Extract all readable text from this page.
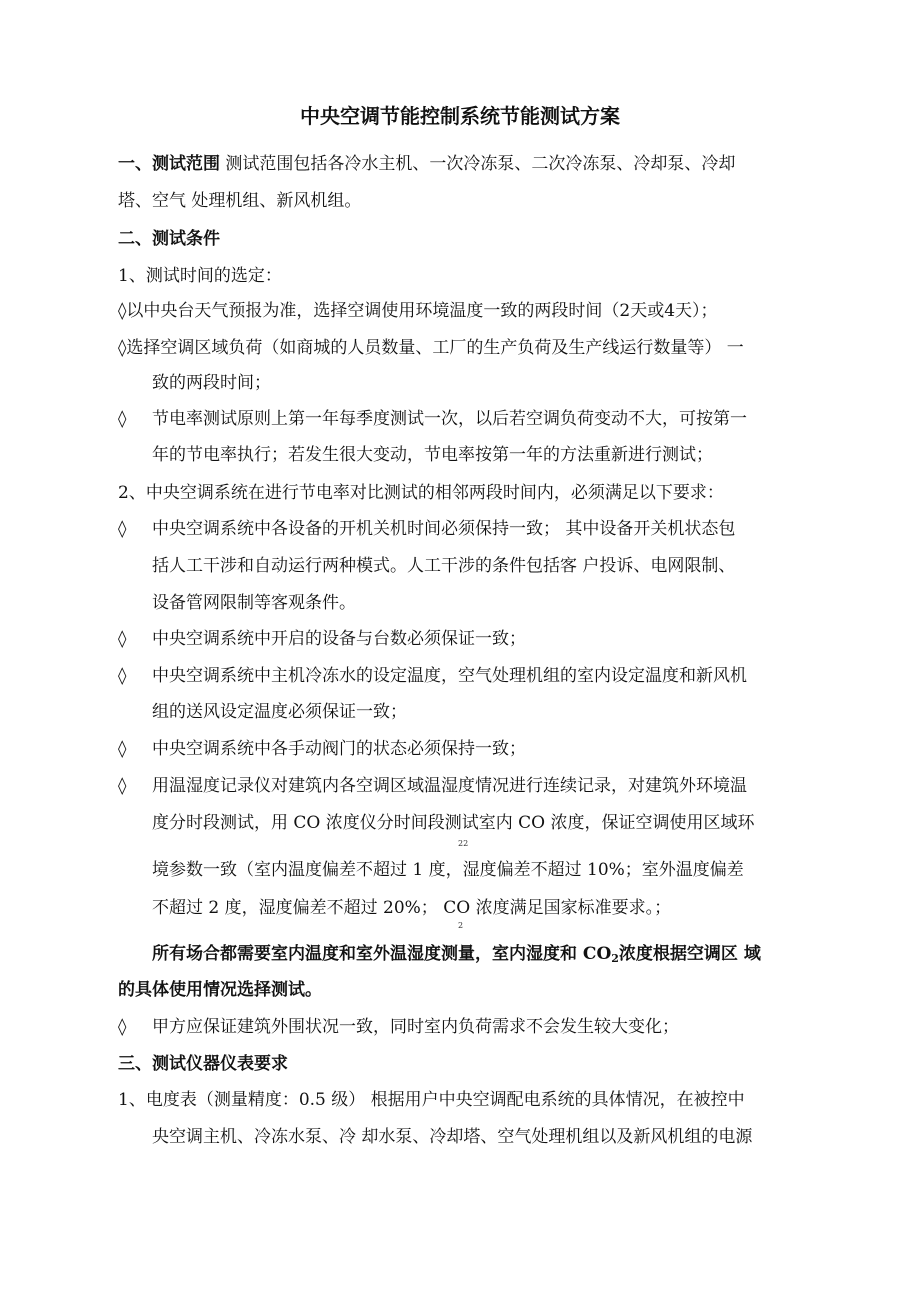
中央空调节能控制系统节能测试方案
一、测试范围 测试范围包括各冷水主机、一次冷冻泵、二次冷冻泵、冷却泵、冷却
塔、空气 处理机组、新风机组。
二、测试条件
1、测试时间的选定：
◊以中央台天气预报为准，选择空调使用环境温度一致的两段时间（2天或4天）；
◊选择空调区域负荷（如商城的人员数量、工厂的生产负荷及生产线运行数量等） 一
致的两段时间；
◊ 节电率测试原则上第一年每季度测试一次，以后若空调负荷变动不大，可按第一
年的节电率执行；若发生很大变动，节电率按第一年的方法重新进行测试；
2、中央空调系统在进行节电率对比测试的相邻两段时间内，必须满足以下要求：
◊ 中央空调系统中各设备的开机关机时间必须保持一致； 其中设备开关机状态包
括人工干涉和自动运行两种模式。人工干涉的条件包括客 户投诉、电网限制、
设备管网限制等客观条件。
◊ 中央空调系统中开启的设备与台数必须保证一致；
◊ 中央空调系统中主机冷冻水的设定温度，空气处理机组的室内设定温度和新风机
组的送风设定温度必须保证一致；
◊ 中央空调系统中各手动阀门的状态必须保持一致；
◊ 用温湿度记录仪对建筑内各空调区域温湿度情况进行连续记录，对建筑外环境温
度分时段测试，用 CO 浓度仪分时间段测试室内 CO 浓度，保证空调使用区域环
22
境参数一致（室内温度偏差不超过 1 度，湿度偏差不超过 10%；室外温度偏差
不超过 2 度，湿度偏差不超过 20%； CO 浓度满足国家标准要求。；
2
所有场合都需要室内温度和室外温湿度测量，室内湿度和 $CO_2$浓度根据空调区 域
的具体使用情况选择测试。
◊ 甲方应保证建筑外围状况一致，同时室内负荷需求不会发生较大变化；
三、测试仪器仪表要求
1、电度表（测量精度：0.5 级） 根据用户中央空调配电系统的具体情况，在被控中
央空调主机、冷冻水泵、冷 却水泵、冷却塔、空气处理机组以及新风机组的电源
